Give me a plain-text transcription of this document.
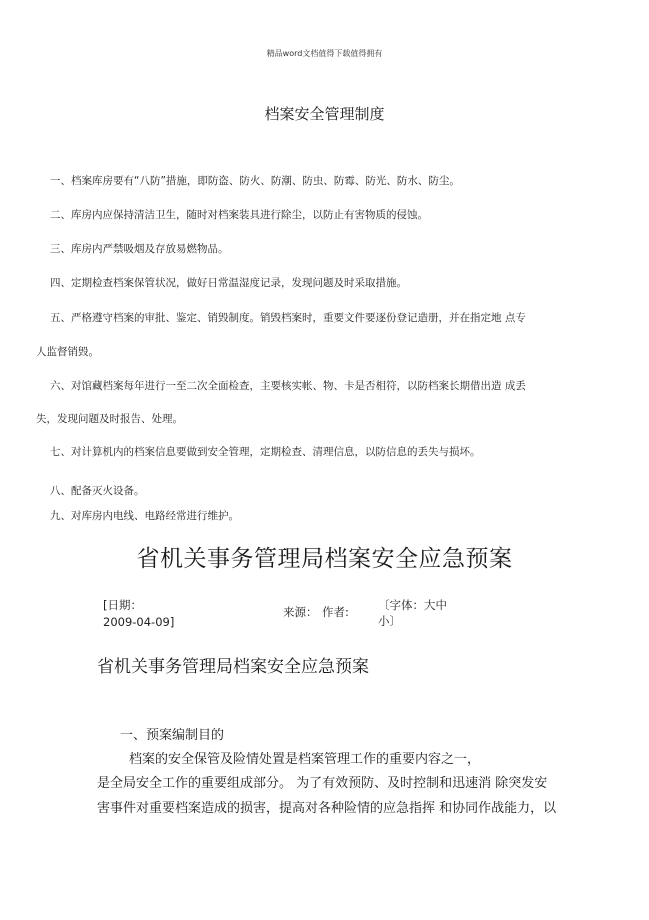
精品word文档值得下载值得拥有
档案安全管理制度
一、档案库房要有“八防”措施，即防盗、防火、防潮、防虫、防霉、防光、防水、防尘。
二、库房内应保持清洁卫生，随时对档案装具进行除尘，以防止有害物质的侵蚀。
三、库房内严禁吸烟及存放易燃物品。
四、定期检查档案保管状况，做好日常温湿度记录，发现问题及时采取措施。
五、严格遵守档案的审批、鉴定、销毁制度。销毁档案时，重要文件要逐份登记造册，并在指定地 点专
人监督销毁。
六、对馆藏档案每年进行一至二次全面检查，主要核实帐、物、卡是否相符，以防档案长期借出造 成丢
失，发现问题及时报告、处理。
七、对计算机内的档案信息要做到安全管理，定期检查、清理信息，以防信息的丢失与损坏。
八、配备灭火设备。
九、对库房内电线、电路经常进行维护。
省机关事务管理局档案安全应急预案
[日期：
2009-04-09]
来源： 作者:	〔字体：大中
小〕
省机关事务管理局档案安全应急预案
一、预案编制目的
档案的安全保管及险情处置是档案管理工作的重要内容之一，
是全局安全工作的重要组成部分。 为了有效预防、及时控制和迅速消 除突发安
害事件对重要档案造成的损害，提高对各种险情的应急指挥 和协同作战能力，以
